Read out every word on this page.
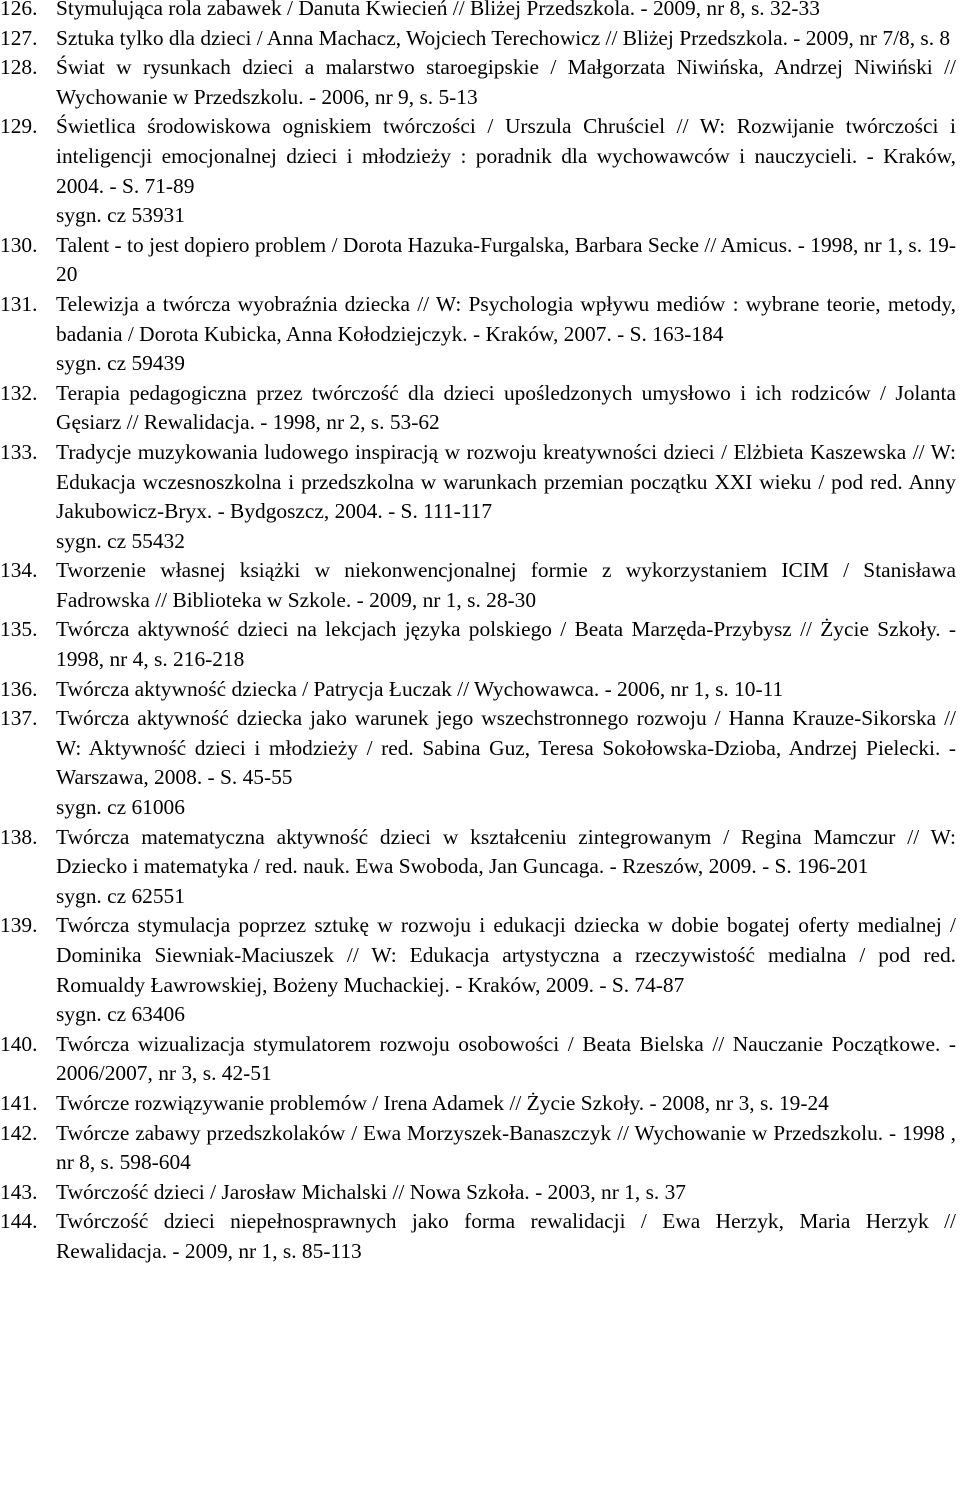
126. Stymulująca rola zabawek / Danuta Kwiecień // Bliżej Przedszkola. - 2009, nr 8, s. 32-33

127. Sztuka tylko dla dzieci / Anna Machacz, Wojciech Terechowicz // Bliżej Przedszkola. - 2009, nr 7/8, s. 8

128. Świat w rysunkach dzieci a malarstwo staroegipskie / Małgorzata Niwińska, Andrzej Niwiński // Wychowanie w Przedszkolu. - 2006, nr 9, s. 5-13

129. Świetlica środowiskowa ogniskiem twórczości / Urszula Chruściel // W: Rozwijanie twórczości i inteligencji emocjonalnej dzieci i młodzieży : poradnik dla wychowawców i nauczycieli. - Kraków, 2004. - S. 71-89

sygn. cz 53931

130. Talent - to jest dopiero problem / Dorota Hazuka-Furgalska, Barbara Secke // Amicus. - 1998, nr 1, s. 19-20

131. Telewizja a twórcza wyobraźnia dziecka // W: Psychologia wpływu mediów : wybrane teorie, metody, badania / Dorota Kubicka, Anna Kołodziejczyk. - Kraków, 2007. - S. 163-184

sygn. cz 59439

132. Terapia pedagogiczna przez twórczość dla dzieci upośledzonych umysłowo i ich rodziców / Jolanta Gęsiarz // Rewalidacja. - 1998, nr 2, s. 53-62

133. Tradycje muzykowania ludowego inspiracją w rozwoju kreatywności dzieci / Elżbieta Kaszewska // W: Edukacja wczesnoszkolna i przedszkolna w warunkach przemian początku XXI wieku / pod red. Anny Jakubowicz-Bryx. - Bydgoszcz, 2004. - S. 111-117

sygn. cz 55432

134. Tworzenie własnej książki w niekonwencjonalnej formie z wykorzystaniem ICIM / Stanisława Fadrowska // Biblioteka w Szkole. - 2009, nr 1, s. 28-30

135. Twórcza aktywność dzieci na lekcjach języka polskiego / Beata Marzęda-Przybysz // Życie Szkoły. - 1998, nr 4, s. 216-218

136. Twórcza aktywność dziecka / Patrycja Łuczak // Wychowawca. - 2006, nr 1, s. 10-11

137. Twórcza aktywność dziecka jako warunek jego wszechstronnego rozwoju / Hanna Krauze-Sikorska // W: Aktywność dzieci i młodzieży / red. Sabina Guz, Teresa Sokołowska-Dzioba, Andrzej Pielecki. - Warszawa, 2008. - S. 45-55

sygn. cz 61006

138. Twórcza matematyczna aktywność dzieci w kształceniu zintegrowanym / Regina Mamczur // W: Dziecko i matematyka / red. nauk. Ewa Swoboda, Jan Guncaga. - Rzeszów, 2009. - S. 196-201

sygn. cz 62551

139. Twórcza stymulacja poprzez sztukę w rozwoju i edukacji dziecka w dobie bogatej oferty medialnej / Dominika Siewniak-Maciuszek // W: Edukacja artystyczna a rzeczywistość medialna / pod red. Romualdy Ławrowskiej, Bożeny Muchackiej. - Kraków, 2009. - S. 74-87

sygn. cz 63406

140. Twórcza wizualizacja stymulatorem rozwoju osobowości / Beata Bielska // Nauczanie Początkowe. - 2006/2007, nr 3, s. 42-51

141. Twórcze rozwiązywanie problemów / Irena Adamek // Życie Szkoły. - 2008, nr 3, s. 19-24

142. Twórcze zabawy przedszkolaków / Ewa Morzyszek-Banaszczyk // Wychowanie w Przedszkolu. - 1998 , nr 8, s. 598-604

143. Twórczość dzieci / Jarosław Michalski // Nowa Szkoła. - 2003, nr 1, s. 37

144. Twórczość dzieci niepełnosprawnych jako forma rewalidacji / Ewa Herzyk, Maria Herzyk // Rewalidacja. - 2009, nr 1, s. 85-113
